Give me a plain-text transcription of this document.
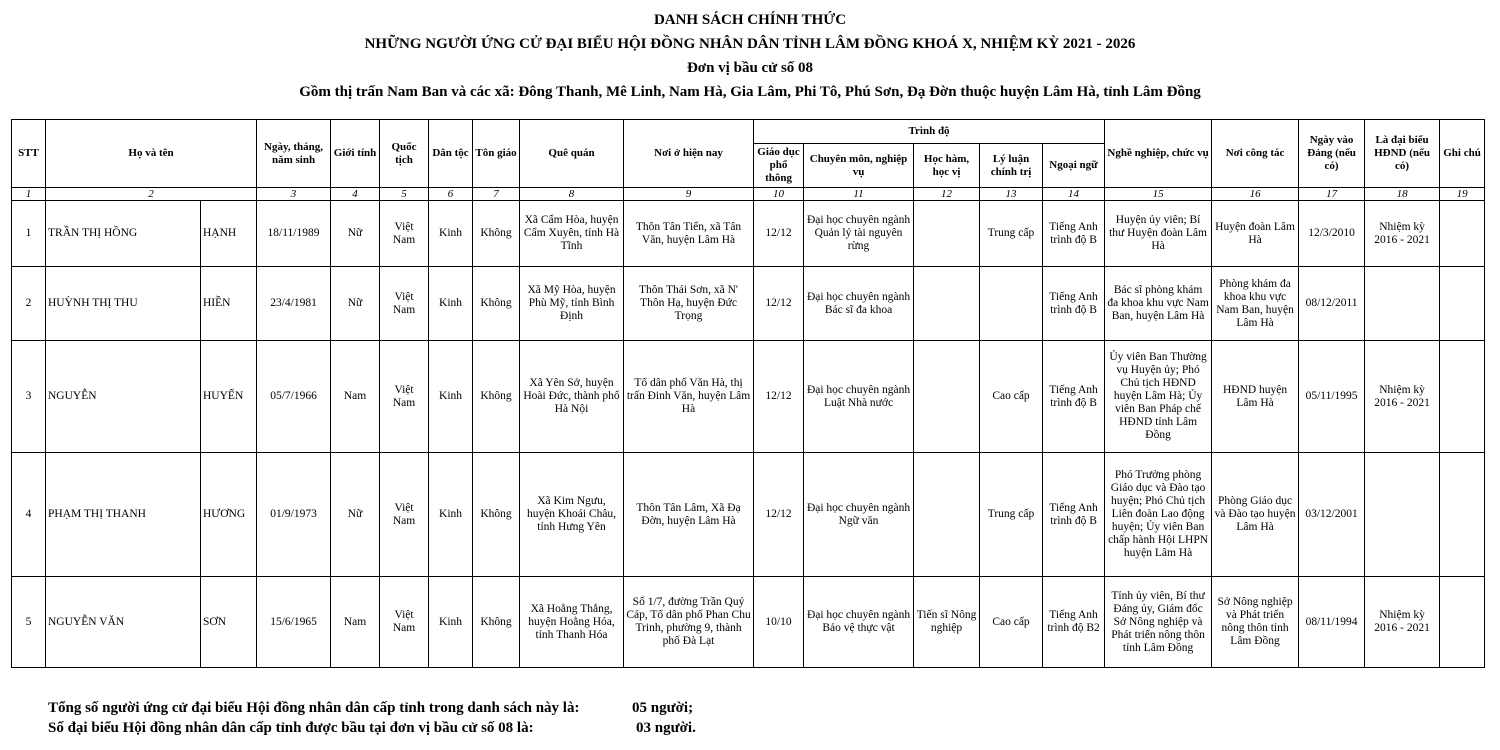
DANH SÁCH CHÍNH THỨC
NHỮNG NGƯỜI ỨNG CỬ ĐẠI BIỂU HỘI ĐỒNG NHÂN DÂN TỈNH LÂM ĐỒNG KHOÁ X, NHIỆM KỲ 2021 - 2026
Đơn vị bầu cử số 08
Gồm thị trấn Nam Ban và các xã: Đông Thanh, Mê Linh, Nam Hà, Gia Lâm, Phi Tô, Phú Sơn, Đạ Đờn thuộc huyện Lâm Hà, tỉnh Lâm Đồng
STT	Họ và tên		Ngày, tháng, năm sinh	Giới tính	Quốc tịch	Dân tộc	Tôn giáo	Quê quán	Nơi ở hiện nay	Trình độ					Nghề nghiệp, chức vụ	Nơi công tác	Ngày vào Đảng (nếu có)	Là đại biểu HĐND (nếu có)	Ghi chú
										Giáo dục phổ thông	Chuyên môn, nghiệp vụ	Học hàm, học vị	Lý luận chính trị	Ngoại ngữ					
1	2		3	4	5	6	7	8	9	10	11	12	13	14	15	16	17	18	19
1	TRẦN THỊ HỒNG	HẠNH	18/11/1989	Nữ	Việt Nam	Kinh	Không	Xã Cẩm Hòa, huyện Cẩm Xuyên, tỉnh Hà Tĩnh	Thôn Tân Tiến, xã Tân Văn, huyện Lâm Hà	12/12	Đại học chuyên ngành Quản lý tài nguyên rừng		Trung cấp	Tiếng Anh trình độ B	Huyện ủy viên; Bí thư Huyện đoàn Lâm Hà	Huyện đoàn Lâm Hà	12/3/2010	Nhiệm kỳ 2016 - 2021	
2	HUỲNH THỊ THU	HIỀN	23/4/1981	Nữ	Việt Nam	Kinh	Không	Xã Mỹ Hòa, huyện Phù Mỹ, tỉnh Bình Định	Thôn Thái Sơn, xã N' Thôn Hạ, huyện Đức Trọng	12/12	Đại học chuyên ngành Bác sĩ đa khoa			Tiếng Anh trình độ B	Bác sĩ phòng khám đa khoa khu vực Nam Ban, huyện Lâm Hà	Phòng khám đa khoa khu vực Nam Ban, huyện Lâm Hà	08/12/2011		
3	NGUYỄN	HUYẾN	05/7/1966	Nam	Việt Nam	Kinh	Không	Xã Yên Sở, huyện Hoài Đức, thành phố Hà Nội	Tổ dân phố Văn Hà, thị trấn Đinh Văn, huyện Lâm Hà	12/12	Đại học chuyên ngành Luật Nhà nước		Cao cấp	Tiếng Anh trình độ B	Ủy viên Ban Thường vụ Huyện ủy; Phó Chủ tịch HĐND huyện Lâm Hà; Ủy viên Ban Pháp chế HĐND tỉnh Lâm Đồng	HĐND huyện Lâm Hà	05/11/1995	Nhiệm kỳ 2016 - 2021	
4	PHẠM THỊ THANH	HƯƠNG	01/9/1973	Nữ	Việt Nam	Kinh	Không	Xã Kim Ngưu, huyện Khoái Châu, tỉnh Hưng Yên	Thôn Tân Lâm, Xã Đạ Đờn, huyện Lâm Hà	12/12	Đại học chuyên ngành Ngữ văn		Trung cấp	Tiếng Anh trình độ B	Phó Trưởng phòng Giáo dục và Đào tạo huyện; Phó Chủ tịch Liên đoàn Lao động huyện; Ủy viên Ban chấp hành Hội LHPN huyện Lâm Hà	Phòng Giáo dục và Đào tạo huyện Lâm Hà	03/12/2001		
5	NGUYỄN VĂN	SƠN	15/6/1965	Nam	Việt Nam	Kinh	Không	Xã Hoằng Thắng, huyện Hoằng Hóa, tỉnh Thanh Hóa	Số 1/7, đường Trần Quý Cáp, Tổ dân phố Phan Chu Trinh, phường 9, thành phố Đà Lạt	10/10	Đại học chuyên ngành Bảo vệ thực vật	Tiến sĩ Nông nghiệp	Cao cấp	Tiếng Anh trình độ B2	Tỉnh ủy viên, Bí thư Đảng ủy, Giám đốc Sở Nông nghiệp và Phát triển nông thôn tỉnh Lâm Đồng	Sở Nông nghiệp và Phát triển nông thôn tỉnh Lâm Đồng	08/11/1994	Nhiệm kỳ 2016 - 2021	
Tổng số người ứng cử đại biểu Hội đồng nhân dân cấp tỉnh trong danh sách này là:	05 người;
Số đại biểu Hội đồng nhân dân cấp tỉnh được bầu tại đơn vị bầu cử số 08 là:	03 người.
